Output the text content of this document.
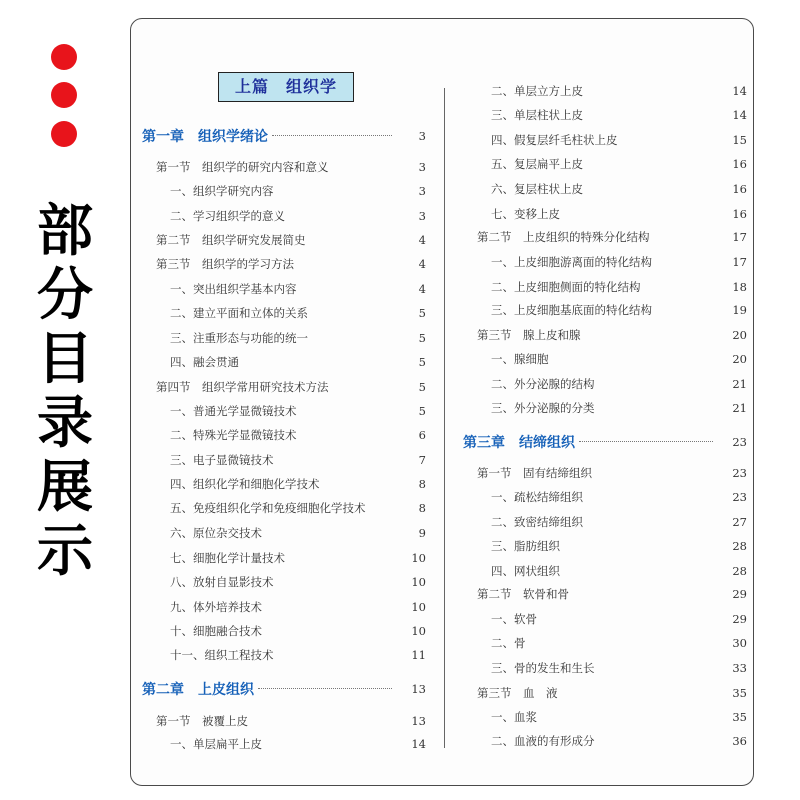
部
分
目
录
展
示
上篇　组织学
第一章　组织学绪论	3
第一节　组织学的研究内容和意义	3
一、组织学研究内容	3
二、学习组织学的意义	3
第二节　组织学研究发展简史	4
第三节　组织学的学习方法	4
一、突出组织学基本内容	4
二、建立平面和立体的关系	5
三、注重形态与功能的统一	5
四、融会贯通	5
第四节　组织学常用研究技术方法	5
一、普通光学显微镜技术	5
二、特殊光学显微镜技术	6
三、电子显微镜技术	7
四、组织化学和细胞化学技术	8
五、免疫组织化学和免疫细胞化学技术	8
六、原位杂交技术	9
七、细胞化学计量技术	10
八、放射自显影技术	10
九、体外培养技术	10
十、细胞融合技术	10
十一、组织工程技术	11
第二章　上皮组织	13
第一节　被覆上皮	13
一、单层扁平上皮	14
二、单层立方上皮	14
三、单层柱状上皮	14
四、假复层纤毛柱状上皮	15
五、复层扁平上皮	16
六、复层柱状上皮	16
七、变移上皮	16
第二节　上皮组织的特殊分化结构	17
一、上皮细胞游离面的特化结构	17
二、上皮细胞侧面的特化结构	18
三、上皮细胞基底面的特化结构	19
第三节　腺上皮和腺	20
一、腺细胞	20
二、外分泌腺的结构	21
三、外分泌腺的分类	21
第三章　结缔组织	23
第一节　固有结缔组织	23
一、疏松结缔组织	23
二、致密结缔组织	27
三、脂肪组织	28
四、网状组织	28
第二节　软骨和骨	29
一、软骨	29
二、骨	30
三、骨的发生和生长	33
第三节　血　液	35
一、血浆	35
二、血液的有形成分	36
